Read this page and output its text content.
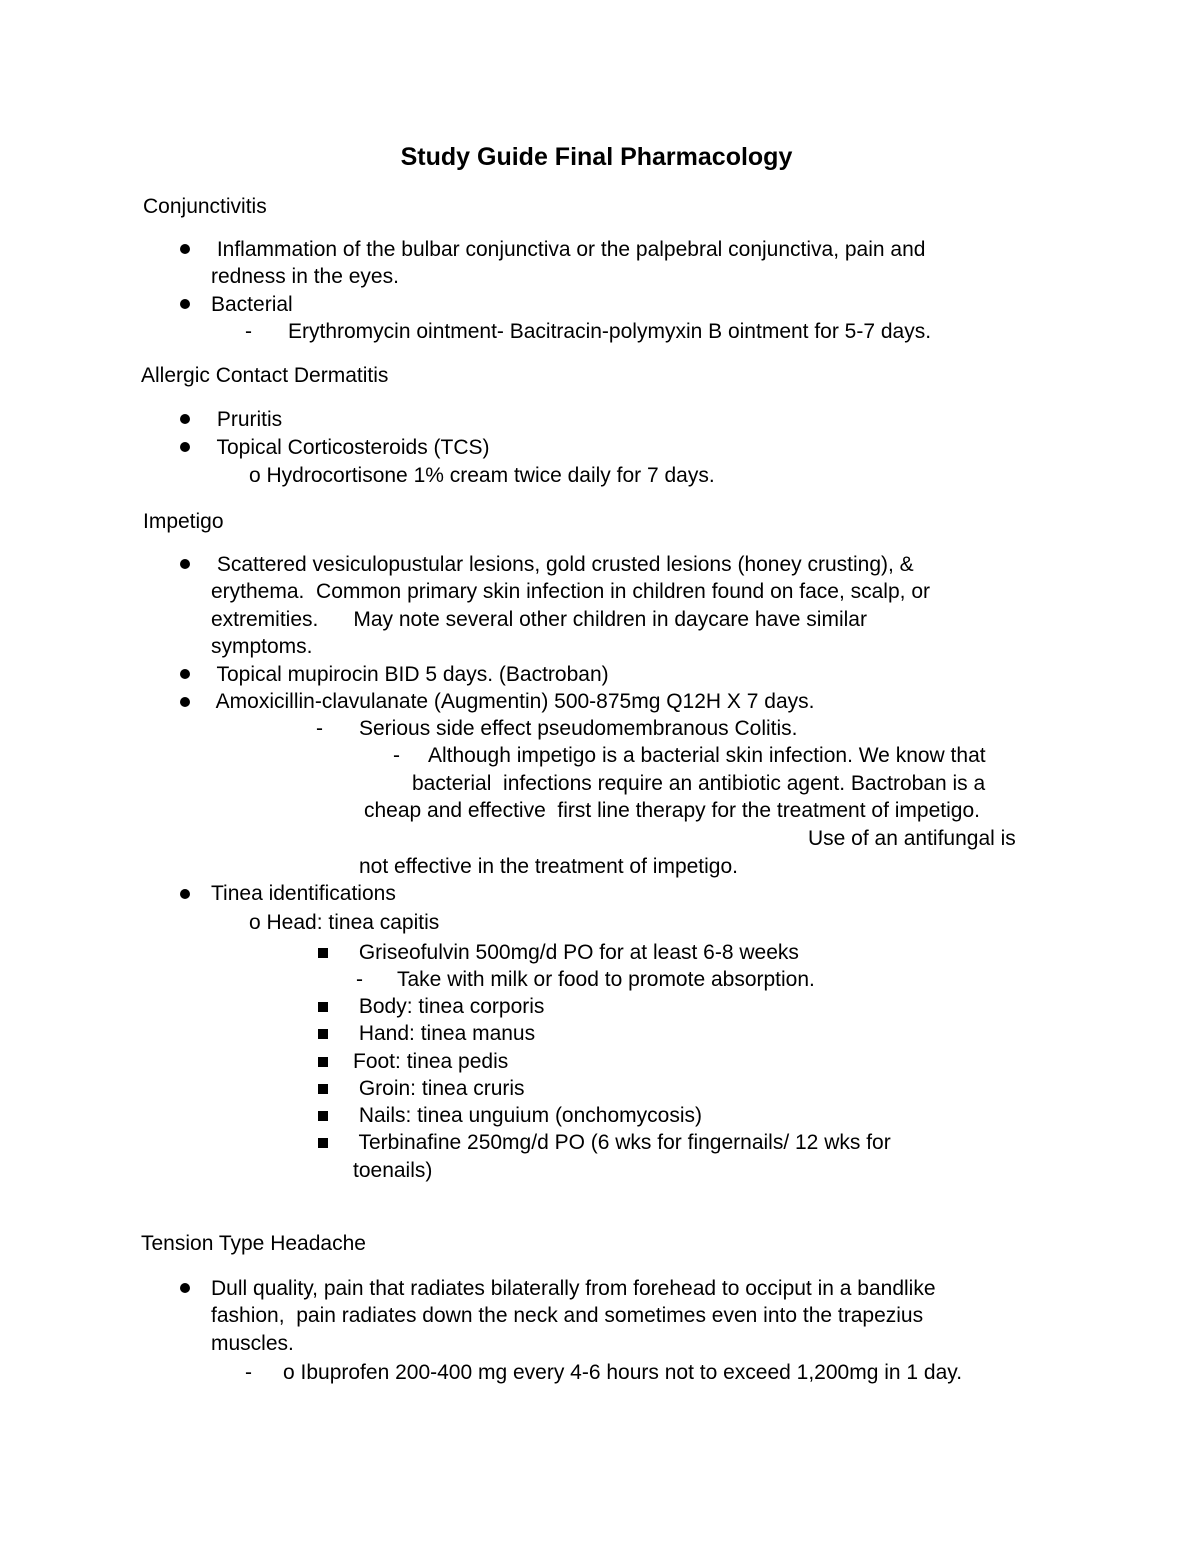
Study Guide Final Pharmacology
Conjunctivitis
Inflammation of the bulbar conjunctiva or the palpebral conjunctiva, pain and
redness in the eyes.
Bacterial
- Erythromycin ointment- Bacitracin-polymyxin B ointment for 5-7 days.
Allergic Contact Dermatitis
Pruritis
Topical Corticosteroids (TCS)
o Hydrocortisone 1% cream twice daily for 7 days.
Impetigo
Scattered vesiculopustular lesions, gold crusted lesions (honey crusting), &
erythema.  Common primary skin infection in children found on face, scalp, or
extremities.      May note several other children in daycare have similar
symptoms.
Topical mupirocin BID 5 days. (Bactroban)
Amoxicillin-clavulanate (Augmentin) 500-875mg Q12H X 7 days.
- Serious side effect pseudomembranous Colitis.
- Although impetigo is a bacterial skin infection. We know that
bacterial  infections require an antibiotic agent. Bactroban is a
cheap and effective  first line therapy for the treatment of impetigo.
Use of an antifungal is
not effective in the treatment of impetigo.
Tinea identifications
o Head: tinea capitis
Griseofulvin 500mg/d PO for at least 6-8 weeks
- Take with milk or food to promote absorption.
Body: tinea corporis
Hand: tinea manus
Foot: tinea pedis
Groin: tinea cruris
Nails: tinea unguium (onchomycosis)
Terbinafine 250mg/d PO (6 wks for fingernails/ 12 wks for
toenails)
Tension Type Headache
Dull quality, pain that radiates bilaterally from forehead to occiput in a bandlike
fashion,  pain radiates down the neck and sometimes even into the trapezius
muscles.
- o Ibuprofen 200-400 mg every 4-6 hours not to exceed 1,200mg in 1 day.
